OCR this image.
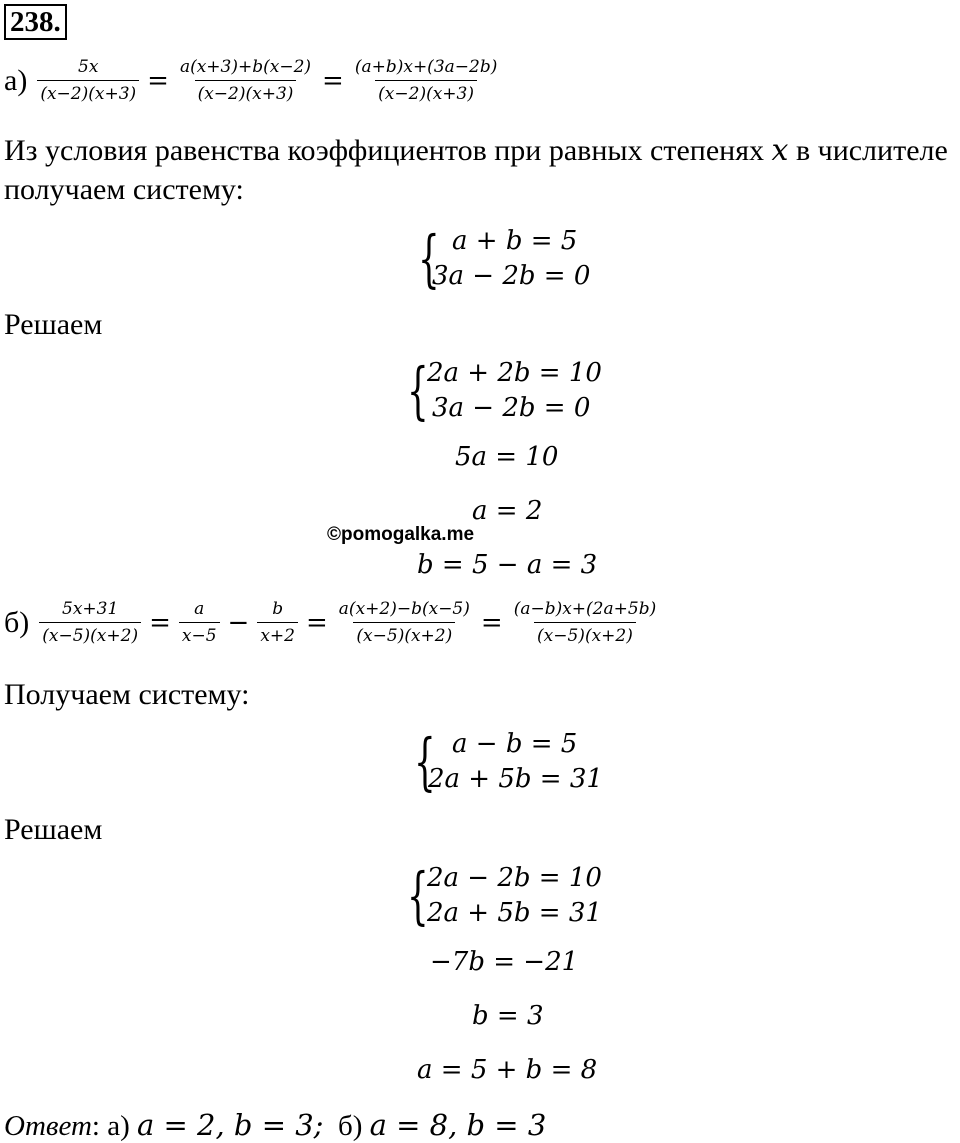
238.
$а) \frac{5x}{(x-2)(x+3)} = \frac{a(x+3)+b(x-2)}{(x-2)(x+3)} = \frac{(a+b)x+(3a-2b)}{(x-2)(x+3)}$
Из условия равенства коэффициентов при равных степенях x в числителе
получаем систему:
{ a + b = 5
3a − 2b = 0
Решаем
{
2a + 2b = 10
3a − 2b = 0
5a = 10
a = 2
b = 5 − a = 3
©pomogalka.me
$б) \frac{5x+31}{(x-5)(x+2)} = \frac{a}{x-5} - \frac{b}{x+2} = \frac{a(x+2)-b(x-5)}{(x-5)(x+2)} = \frac{(a-b)x+(2a+5b)}{(x-5)(x+2)}$
Получаем систему:
{ a − b = 5
2a + 5b = 31
Решаем
{
2a − 2b = 10
2a + 5b = 31
−7b = −21
b = 3
a = 5 + b = 8
Ответ: а) a = 2, b = 3;  б) a = 8, b = 3
